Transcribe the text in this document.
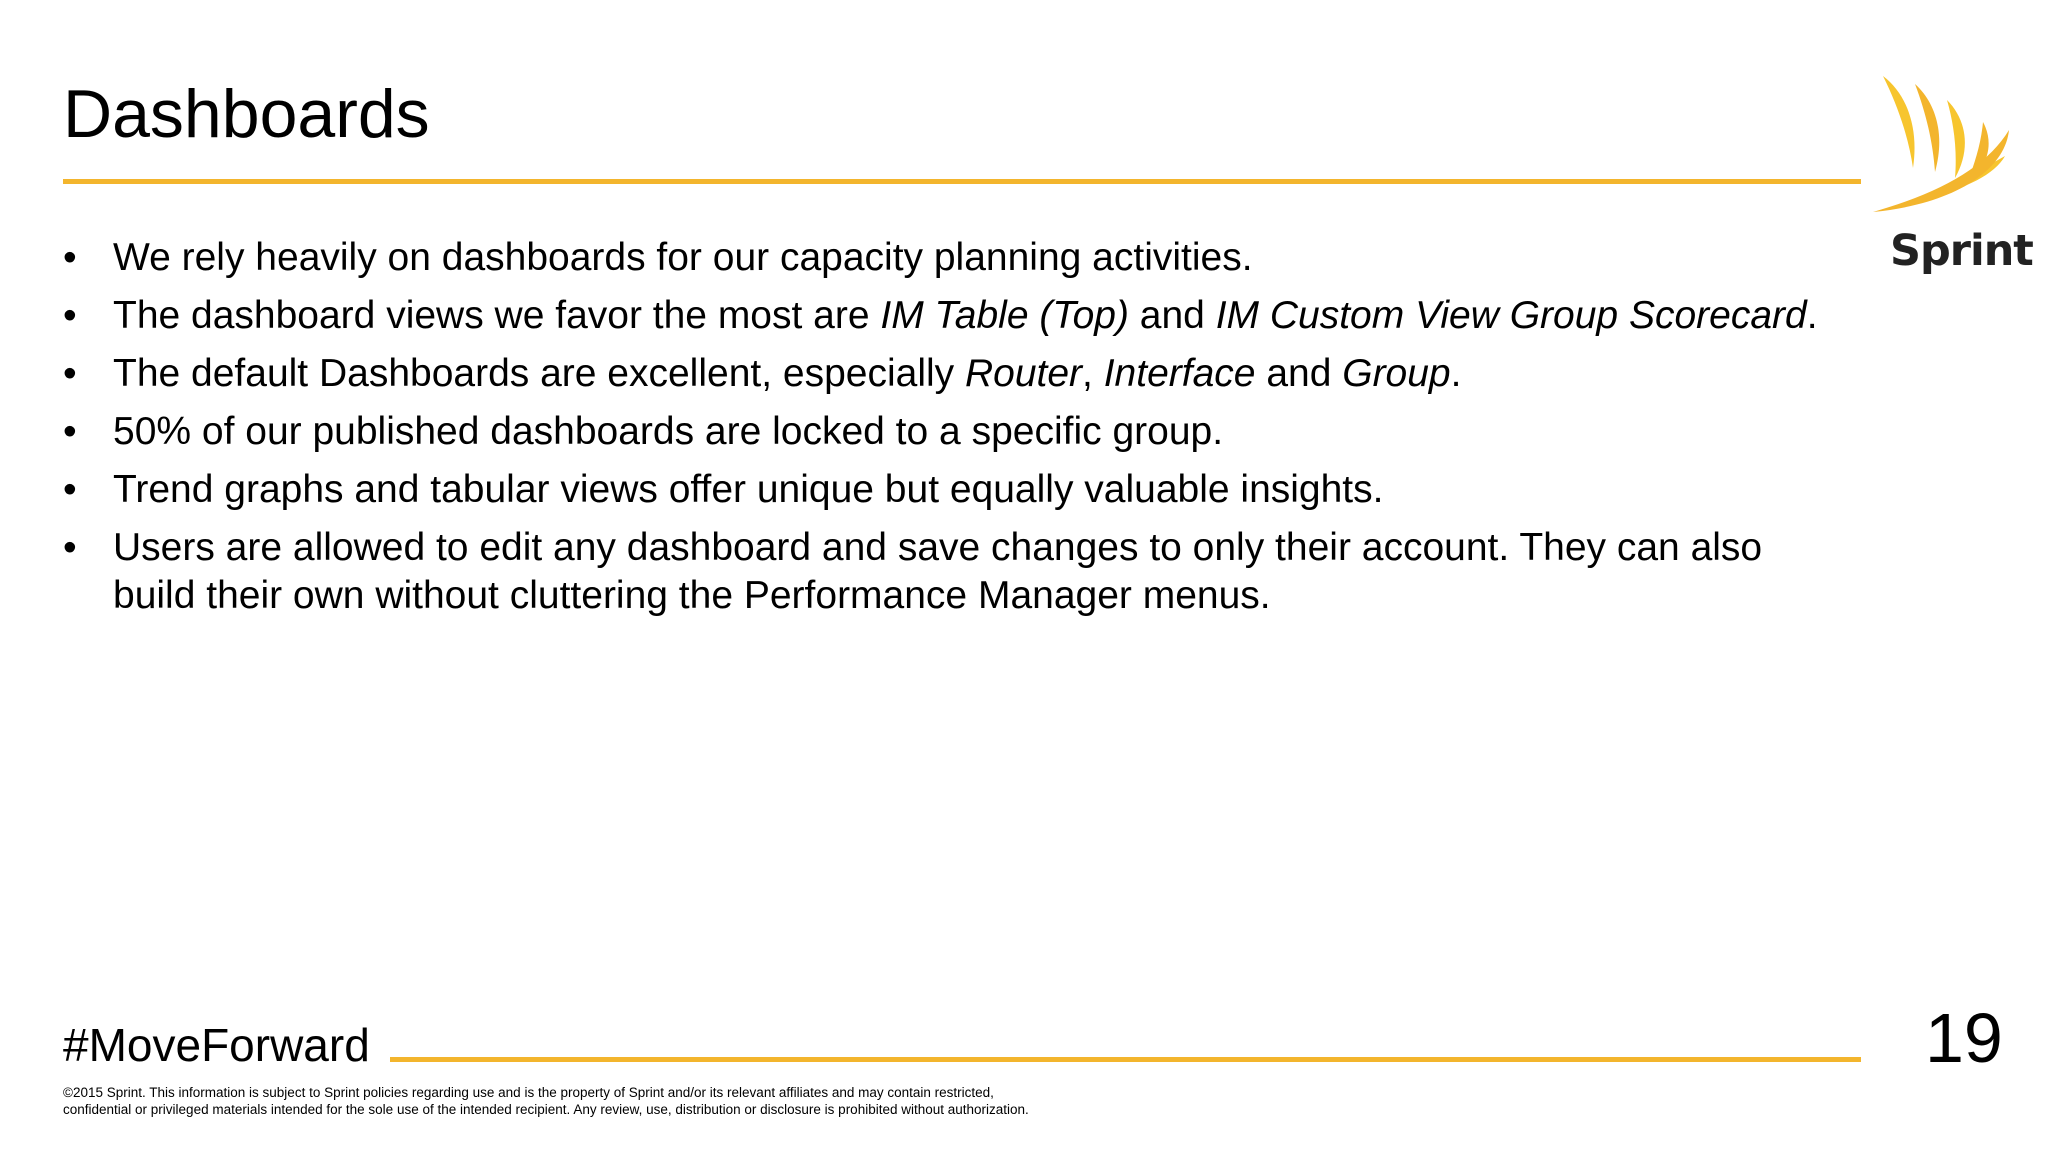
Dashboards
Sprint
• We rely heavily on dashboards for our capacity planning activities.
• The dashboard views we favor the most are IM Table (Top) and IM Custom View Group Scorecard.
• The default Dashboards are excellent, especially Router, Interface and Group.
• 50% of our published dashboards are locked to a specific group.
• Trend graphs and tabular views offer unique but equally valuable insights.
• Users are allowed to edit any dashboard and save changes to only their account. They can also build their own without cluttering the Performance Manager menus.
#MoveForward	19
©2015 Sprint. This information is subject to Sprint policies regarding use and is the property of Sprint and/or its relevant affiliates and may contain restricted,
confidential or privileged materials intended for the sole use of the intended recipient. Any review, use, distribution or disclosure is prohibited without authorization.
